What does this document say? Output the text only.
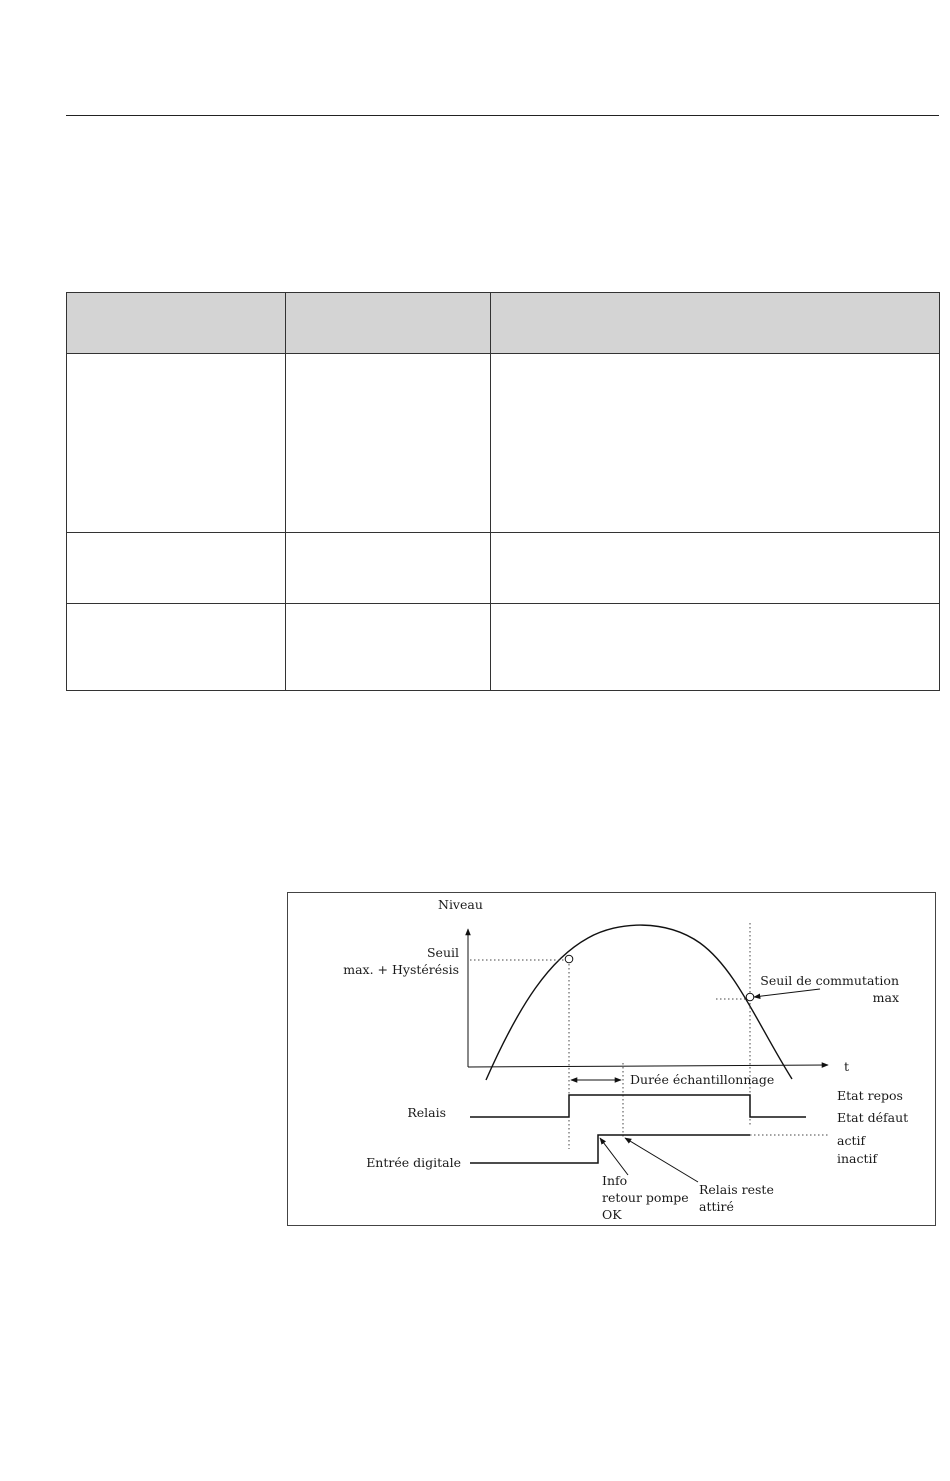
Niveau
t
Seuil
max. + Hystérésis
Seuil de commutation
max
Durée échantillonnage
Relais
Etat repos
Etat défaut
Entrée digitale
actif
inactif
Info
retour pompe
OK
Relais reste
attiré
